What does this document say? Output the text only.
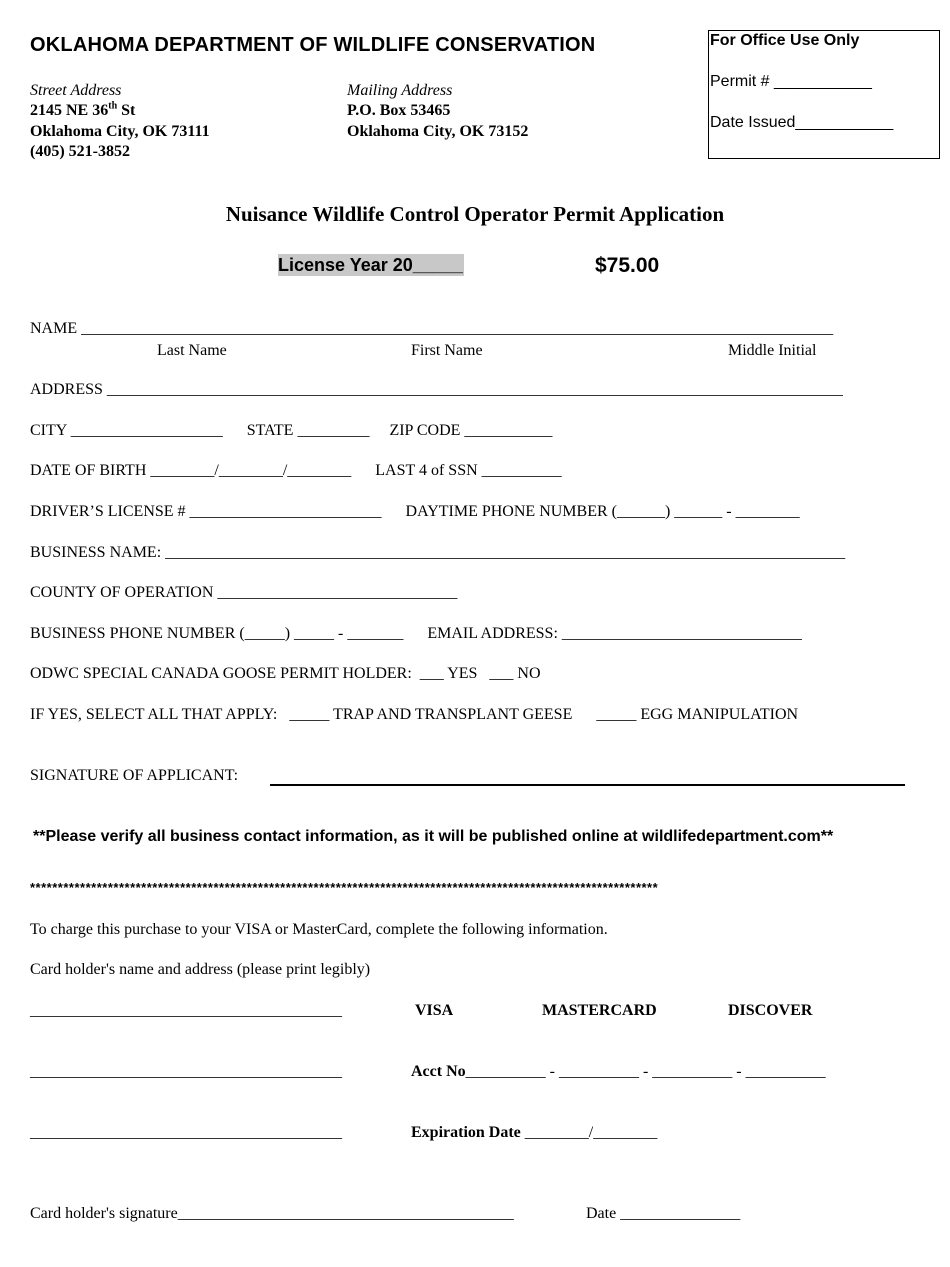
OKLAHOMA DEPARTMENT OF WILDLIFE CONSERVATION
Street Address
2145 NE 36th St
Oklahoma City, OK 73111
(405) 521-3852
Mailing Address
P.O. Box 53465
Oklahoma City, OK 73152
For Office Use Only
Permit # ___________
Date Issued___________
Nuisance Wildlife Control Operator Permit Application
License Year 20_____	$75.00
NAME ______________________________________________________________________________________________
Last Name	First Name	Middle Initial
ADDRESS ____________________________________________________________________________________________
CITY ___________________      STATE _________     ZIP CODE ___________
DATE OF BIRTH ________/________/________      LAST 4 of SSN __________
DRIVER’S LICENSE # ________________________      DAYTIME PHONE NUMBER (______) ______ - ________
BUSINESS NAME: _____________________________________________________________________________________
COUNTY OF OPERATION ______________________________
BUSINESS PHONE NUMBER (_____) _____ - _______      EMAIL ADDRESS: ______________________________
ODWC SPECIAL CANADA GOOSE PERMIT HOLDER:  ___ YES   ___ NO
IF YES, SELECT ALL THAT APPLY:   _____ TRAP AND TRANSPLANT GEESE      _____ EGG MANIPULATION
SIGNATURE OF APPLICANT:
**Please verify all business contact information, as it will be published online at wildlifedepartment.com**
*****************************************************************************************************************
To charge this purchase to your VISA or MasterCard, complete the following information.
Card holder's name and address (please print legibly)
_______________________________________	VISA	MASTERCARD	DISCOVER
_______________________________________	Acct No__________ - __________ - __________ - __________
_______________________________________	Expiration Date ________/________
Card holder's signature__________________________________________	Date _______________
